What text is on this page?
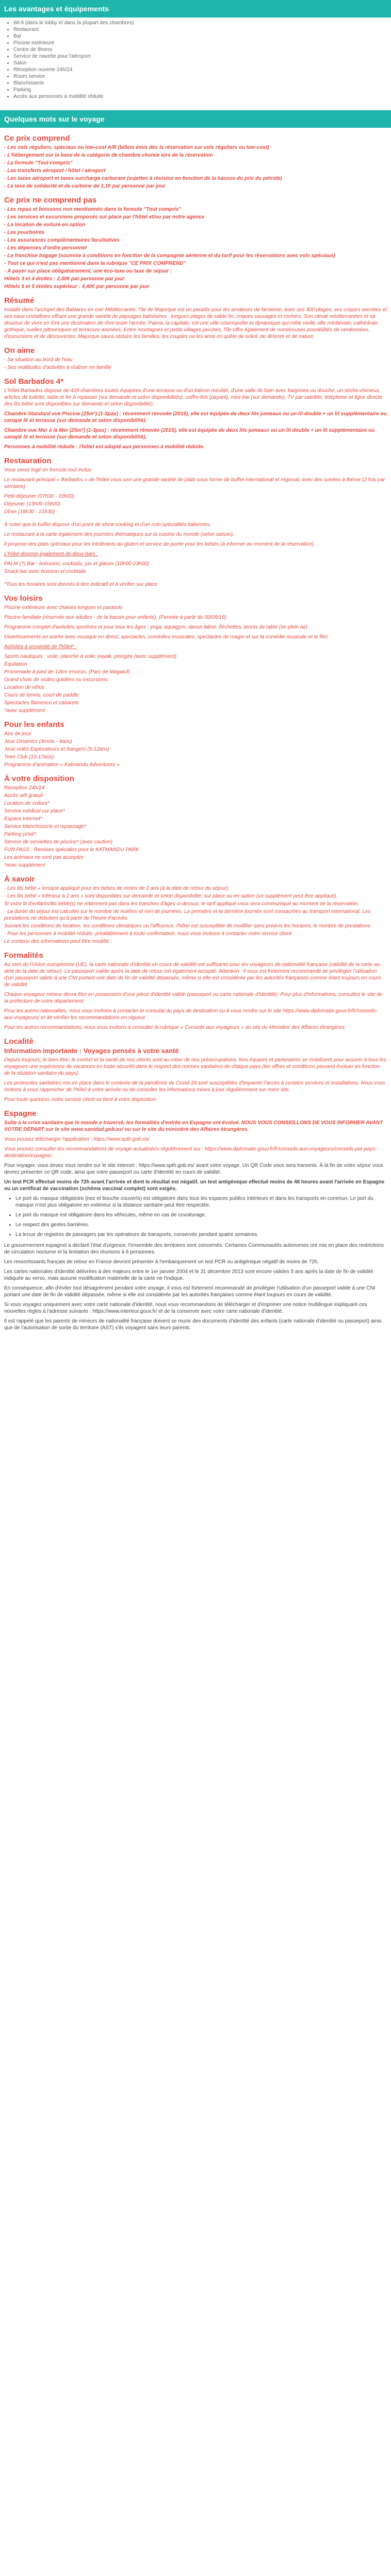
Les avantages et équipements
• Wi-fi (dans le lobby et dans la plupart des chambres)
• Restaurant
• Bar
• Piscine extérieure
• Centre de fitness
• Service de navette pour l'aéroport
• Salon
• Réception ouverte 24h/24
• Room service
• Blanchisserie
• Parking
• Accès aux personnes à mobilité réduite
Quelques mots sur le voyage
Ce prix comprend

- Les vols réguliers, spéciaux ou low-cost A/R (billets émis dès la réservation sur vols réguliers ou low-cost)

- L'hébergement sur la base de la catégorie de chambre choisie lors de la réservation

- La formule "Tout compris"

- Les transferts aéroport / hôtel / aéroport

- Les taxes aéroport et taxes surcharge carburant (sujettes à révision en fonction de la hausse du prix du pétrole)

- La taxe de solidarité et de carbone de 1,1€ par personne par jour

Ce prix ne comprend pas

- Les repas et boissons non mentionnés dans la formule "Tout compris"

- Les services et excursions proposés sur place par l'hôtel et/ou par notre agence

- La location de voiture en option

- Les pourboires

- Les assurances complémentaires facultatives

- Les dépenses d'ordre personnel

- La franchise bagage (soumise à conditions en fonction de la compagnie aérienne et du tarif pour les réservations avec vols spéciaux)

- Tout ce qui n'est pas mentionné dans la rubrique "CE PRIX COMPREND"

- À payer sur place obligatoirement, une éco-taxe ou taxe de séjour :

Hôtels 3 et 4 étoiles : 2,00€ par personne par jour

Hôtels 5 et 5 étoiles supérieur : 4,40€ par personne par jour

Résumé

Installé dans l'archipel des Baléares en mer Méditerranée, l'île de Majorque est un paradis pour les amateurs de farniente, avec ses 300 plages, ses criques secrètes et ses eaux cristallines offrant une grande variété de paysages balnéaires : longues plages de sable fin, criques sauvages et rochers. Son climat méditerranéen et sa douceur de vivre en font une destination de rêve toute l'année. Palma, la capitale, est une ville cosmopolite et dynamique qui mêle vieille ville médiévale, cathédrale gothique, ruelles pittoresques et terrasses animées. Entre montagnes et petits villages perchés, l'île offre également de nombreuses possibilités de randonnées, d'excursions et de découvertes. Majorque saura séduire les familles, les couples ou les amis en quête de soleil, de détente et de nature.

On aime

- Sa situation au bord de l'eau

- Ses multitudes d'activités à réaliser en famille

Sol Barbados 4*

L'hôtel Barbados dispose de 428 chambres toutes équipées d'une terrasse ou d'un balcon meublé, d'une salle de bain avec baignoire ou douche, un sèche-cheveux, articles de toilette, table et fer à repasser (sur demande et selon disponibilités), coffre-fort (payant), mini-bar (sur demande), TV par satellite, téléphone et ligne directe (les lits bébé sont disponibles sur demande et selon disponibilité).

Chambre Standard vue Piscine (25m²) (1-3pax) : récemment rénovée (2015), elle est équipée de deux lits jumeaux ou un lit double + un lit supplémentaire ou canapé lit et terrasse (sur demande et selon disponibilité).

Chambre vue Mer à la Mer (25m²) (1-3pax) : récemment rénovée (2015), elle est équipée de deux lits jumeaux ou un lit double + un lit supplémentaire ou canapé lit et terrasse (sur demande et selon disponibilité).

Personnes à mobilité réduite : l'hôtel est adapté aux personnes à mobilité réduite.

Restauration

Vous serez logé en formule tout inclus

Le restaurant principal « Barbados » de l'hôtel vous sert une grande variété de plats sous forme de buffet international et régional, avec des soirées à thème (2 fois par semaine).

Petit-déjeuner (07h30 - 10h00)

Déjeuner (13h00-15h00)

Dîner (18h30 - 21h30)

À noter que le buffet dispose d'un point de show cooking et d'un coin spécialités italiennes.

Le restaurant à la carte également des journées thématiques sur la cuisine du monde (selon saison).

Il propose des plats spéciaux pour les intolérants au gluten et service de purée pour les bébés (à informer au moment de la réservation).

L'hôtel dispose également de deux bars :

PALM (?) Bar : boissons, cocktails, jus et glaces (10h00-23h00)

Snack bar avec boisson et cocktails

*Tous les horaires sont donnés à titre indicatif et à vérifier sur place

Vos loisirs

Piscine extérieure avec chaises longues et parasols

Piscine familiale (réservée aux adultes - de la bassin pour enfants), (Fermée à partir du 30/09/19)

Programme complet d'activités sportives et pour tous les âges : yoga, aquagym, danse latine, fléchettes, tennis de table (en plein air)

Divertissements en soirée avec musique en direct, spectacles, comédies musicales, spectacles de magie et sur la comédie musicale et le film.

Activités à proximité de l'hôtel* :

Sports nautiques : voile, planche à voile, kayak, plongée (avec supplément)

Équitation

Promenade à pied de 12km environ, (Parc de Magaluf)

Grand choix de visites guidées ou excursions

Location de vélos

Cours de tennis, court de paddle

Spectacles flamenco et cabarets

*avec supplément

Pour les enfants

Aire de jeux

Jeux Dinamics (4mois - 4ans)

Jeux vidéo Explorateurs et Rangers (5-12ans)

Teen Club (13-17ans)

Programme d'animation « Katmandu Adventures »

À votre disposition

Réception 24h/24

Accès wifi gratuit

Location de voiture*

Service médical sur place*

Espace Internet*

Service blanchisserie et repassage*

Parking privé*

Service de serviettes de piscine* (avec caution)

FUN PASS : Remises spéciales pour le KATMANDU PARK

Les animaux ne sont pas acceptés

*avec supplément

À savoir

- Les lits bébé « lorsque appliqué pour les bébés de moins de 2 ans (à la date de retour du séjour).

- Les lits bébé « inférieur à 2 ans » sont disponibles sur demande et selon disponibilité, sur place ou en option (un supplément peut être appliqué).

Si votre lit d'enfants/lits bébé(s) ne retiennent pas dans les tranches d'âges ci-dessus, le tarif appliqué vous sera communiqué au moment de la réservation.

- La durée du séjour est calculée sur le nombre de nuitées et non de journées. La première et la dernière journée sont consacrées au transport international. Les prestations ne débutent qu'à partir de l'heure d'arrivée.

Suivant les conditions de location, les conditions climatiques ou l'affluence, l'hôtel est susceptible de modifier sans préavis les horaires, le nombre de prestations.

- Pour les personnes à mobilité réduite, préalablement à toute confirmation, nous vous invitons à contacter notre service client.

Le contenu des informations peut être modifié.

Formalités

Au sein de l'Union européenne (UE), la carte nationale d'identité en cours de validité est suffisante pour les voyageurs de nationalité française (validité de la carte au-delà de la date de retour). Le passeport valide après la date de retour est également accepté. Attention : il vous est fortement recommandé de privilégier l'utilisation d'un passeport valide à une CNI portant une date de fin de validité dépassée, même si elle est considérée par les autorités françaises comme étant toujours en cours de validité.

Chaque voyageur mineur devra être en possession d'une pièce d'identité valide (passeport ou carte nationale d'identité). Pour plus d'informations, consultez le site de la préfecture de votre département.

Pour les autres nationalités, nous vous invitons à contacter le consulat du pays de destination ou à vous rendre sur le site https://www.diplomatie.gouv.fr/fr/conseils-aux-voyageurs/ et de vérifier les recommandations en vigueur.

Pour les autres recommandations, nous vous invitons à consulter la rubrique « Conseils aux voyageurs » du site du Ministère des Affaires étrangères.

Localité
Information importante : Voyages pensés à votre santé

Depuis toujours, le bien-être, le confort et la santé de nos clients sont au cœur de nos préoccupations. Nos équipes et partenaires se mobilisent pour assurer à tous les voyageurs une expérience de vacances en toute sécurité dans le respect des normes sanitaires de chaque pays (les offres et conditions peuvent évoluer en fonction de la situation sanitaire du pays).

Les protocoles sanitaires mis en place dans le contexte de la pandémie de Covid-19 sont susceptibles d'impacter l'accès à certains services et installations. Nous vous invitons à vous rapprocher de l'hôtel à votre arrivée ou de consulter les informations mises à jour régulièrement sur notre site.

Pour toute question, notre service client se tient à votre disposition.

Espagne

Suite à la crise sanitaire que le monde a traversé, les formalités d'entrée en Espagne ont évolué. NOUS VOUS CONSEILLONS DE VOUS INFORMER AVANT VOTRE DÉPART sur le site www.sanidad.gob.es/ ou sur le site du ministère des Affaires étrangères.

Vous pouvez télécharger l'application : https://www.spth.gob.es/

Vous pouvez consulter les recommandations de voyage actualisées régulièrement sur : https://www.diplomatie.gouv.fr/fr/conseils-aux-voyageurs/conseils-par-pays-destination/espagne/

Pour voyager, vous devez vous rendre sur le site internet : https://www.spth.gob.es/ avant votre voyage. Un QR Code vous sera transmis. À la fin de votre séjour vous devrez présenter ce QR code, ainsi que votre passeport ou carte d'identité en cours de validité.

Un test PCR effectué moins de 72h avant l'arrivée et dont le résultat est négatif, un test antigénique effectué moins de 48 heures avant l'arrivée en Espagne ou un certificat de vaccination (schéma vaccinal complet) sont exigés.

• Le port du masque obligatoire (nez et bouche couverts) est obligatoire dans tous les espaces publics intérieurs et dans les transports en commun. Le port du masque n'est plus obligatoire en extérieur si la distance sanitaire peut être respectée.
• Le port du masque est obligatoire dans les véhicules, même en cas de covoiturage.
• Le respect des gestes barrières.
• La tenue de registres de passagers par les opérateurs de transports, conservés pendant quatre semaines.

Le gouvernement espagnol a déclaré l'état d'urgence, l'ensemble des territoires sont concernés. Certaines Communautés autonomes ont mis en place des restrictions de circulation nocturne et la limitation des réunions à 6 personnes.

Les ressortissants français de retour en France devront présenter à l'embarquement un test PCR ou antigénique négatif de moins de 72h.

Les cartes nationales d'identité délivrées à des majeurs entre le 1er janvier 2004 et le 31 décembre 2013 sont encore valides 5 ans après la date de fin de validité indiquée au verso, mais aucune modification matérielle de la carte ne l'indique.

En conséquence, afin d'éviter tout désagrément pendant votre voyage, il vous est fortement recommandé de privilégier l'utilisation d'un passeport valide à une CNI portant une date de fin de validité dépassée, même si elle est considérée par les autorités françaises comme étant toujours en cours de validité.

Si vous voyagez uniquement avec votre carte nationale d'identité, nous vous recommandons de télécharger et d'imprimer une notice multilingue expliquant ces nouvelles règles à l'adresse suivante : https://www.interieur.gouv.fr/ et de la conserver avec votre carte nationale d'identité.

Il est rappelé que les parents de mineurs de nationalité française doivent se munir des documents d'identité des enfants (carte nationale d'identité ou passeport) ainsi que de l'autorisation de sortie du territoire (AST) s'ils voyagent sans leurs parents.
